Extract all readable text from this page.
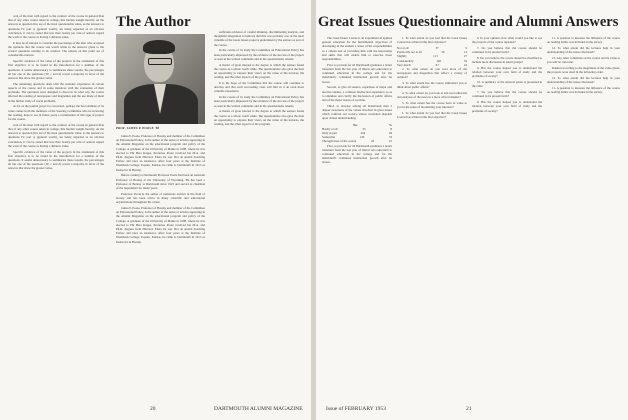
cern of the men with regard to the conduct of the course in general than that of any other course taken in college, this burden weighs heavily. As the answers to question five are of the most questionable value, as the answers to questions IV, part 4, (general worth), are being regarded as an obvious conclusion, it can be stated that less than twenty per cent of seniors regard the work of the course as having a dubious value.

It may be of interest to consider the percentage of the men who accepted the opinions that the course was worth while in the answers given to the several questions relating to its conduct. The returns on this point are of considerable interest.

Specific evidence of the value of the projects in the attainment of this first objective is to be found in the introduction for a number of the questions. It seems unnecessary to summarize these results; the percentages all but one of the questions (IV, c and d) reveal a majority in favor of the answers that show the greater value.

The remaining questions dealt with the students' experience in certain aspects of the course and in some instances with the evaluation of their problems. The questions were designed to discover in what way the course affected the reading of newspapers and magazines and the use made of them in the further study of world problems.

As far as the journal project is concerned, perhaps the best estimate of its value comes from the members of the Steering Committee who in reviewing the reading, hope to see in future years a continuation of this type of project for the course.

cern of the men with regard to the conduct of the course in general than that of any other course taken in college, this burden weighs heavily. As the answers to question five are of the most questionable value, as the answers to questions IV, part 4, (general worth), are being regarded as an obvious conclusion, it can be stated that less than twenty per cent of seniors regard the work of the course as having a dubious value.

Specific evidence of the value of the projects in the attainment of this first objective is to be found in the introduction for a number of the questions. It seems unnecessary to summarize these results; the percentages all but one of the questions (IV, c and d) reveal a majority in favor of the answers that show the greater value.

The Author
PROF. JAMES P. POOLE '08

James P. Poole, Professor of Botany and member of the Committee on Educational Policy, is the author of the series of articles appearing in the Alumni Magazine on the educational program and policy of the College. A graduate of the University of Maine in 1908, where he was elected to Phi Beta Kappa, Professor Poole received his M.A. and Ph.D. degrees from Harvard. There he was first an Austin Teaching Fellow and later an instructor. After four years at the Institute of Washburn College, Topeka, Kansas, he came to Dartmouth in 1913 as Instructor in Botany.

Before coming to Dartmouth Professor Poole had been an Assistant Professor of Botany at the University of Wyoming. He has been a Professor of Botany at Dartmouth since 1923 and served as chairman of the department for many years.

Professor Poole is the author of numerous articles in the field of botany and has been active in many scientific and educational organizations throughout his career.

James P. Poole, Professor of Botany and member of the Committee on Educational Policy, is the author of the series of articles appearing in the Alumni Magazine on the educational program and policy of the College. A graduate of the University of Maine in 1908, where he was elected to Phi Beta Kappa, Professor Poole received his M.A. and Ph.D. degrees from Harvard. There he was first an Austin Teaching Fellow and later an instructor. After four years at the Institute of Washburn College, Topeka, Kansas, he came to Dartmouth in 1913 as Instructor in Botany.

sufficient evidence of careful thinking, discriminating analysis, and thoughtful integration to indicate that this was probably one of the most valuable of the Great Issues projects undertaken by the seniors as part of the course.

In the course of its study the Committee on Educational Policy has been particularly impressed by the evidence of the success of the project as seen in the written comments and in the questionnaire returns.

A matter of great interest is the degree to which the seniors found the course as a whole worth while. The questionnaire also gave the men an opportunity to express their views on the value of the lectures, the reading, and the other aspects of the program.

It is the hope of the Committee that the course will continue to develop and that each succeeding class will find in it an even more valuable experience.

In the course of its study the Committee on Educational Policy has been particularly impressed by the evidence of the success of the project as seen in the written comments and in the questionnaire returns.

A matter of great interest is the degree to which the seniors found the course as a whole worth while. The questionnaire also gave the men an opportunity to express their views on the value of the lectures, the reading, and the other aspects of the program.

20	DARTMOUTH ALUMNI MAGAZINE
Great Issues Questionnaire and Alumni Answers

The Great Issues Course is an experiment in applied general education for the fundamental objectives of developing in the student a sense of his responsibilities as a citizen and of providing him with the knowledge and skills that will enable him to exercise those responsibilities.

First, to provide for all Dartmouth graduates a better transition from the last year of liberal arts education to continued education in the college and for the individual's continued intellectual growth after he leaves.

Second, to give all seniors, regardless of major and elective studies, a common intellectual experience so as to stimulate and clarify the discussion of public affairs and of the major issues of our time.

Third, to develop among all Dartmouth men a deeper awareness of the values involved in great issues which confront our society, whose resolution depends upon citizen understanding.

No.	%
Hardly at all	35	8
Only in part	204	49
Somewhat	136	33
Through most of the course	43	10

First, to provide for all Dartmouth graduates a better transition from the last year of liberal arts education to continued education in the college and for the individual's continued intellectual growth after he leaves.

1. To what extent do you feel that the Great Issues Course has achieved the first objective?

Not at all	37	9
Practically not at all	56	13
Slightly	113	27
Considerably	146	35
Very much	67	16

2. To what extent do you read more of the newspapers and magazines that reflect a variety of opinion?

3. To what extent has the course stimulated you to think about public affairs?

4. To what extent do you look at and read editorials and analyses of the news in a more critical manner?

5. To what extent has the course been of value to you in the sense of broadening your interests?

1. To what extent do you feel that the Great Issues Course has achieved the first objective?

6. In your opinion, how often would you like to see the projects of the course repeated?

7. Do you believe that the course should be continued in its present form?

8. Do you believe the course should be modified to include more discussion in small groups?

9. Has the course helped you to understand the relation between your own field of study and the problems of society?

10. A summary of the answers given is presented in the table.

7. Do you believe that the course should be continued in its present form?

9. Has the course helped you to understand the relation between your own field of study and the problems of society?

11. A question to measure the influence of the course on reading habits was included in the survey.

12. To what extent did the lectures help in your understanding of the issues discussed?

13. Any other comments on the course and its value to you will be welcome.

Ranked according to the magnitude of the value given, the projects were rated in the following order.

12. To what extent did the lectures help in your understanding of the issues discussed?

11. A question to measure the influence of the course on reading habits was included in the survey.

Issue of FEBRUARY 1953	21
